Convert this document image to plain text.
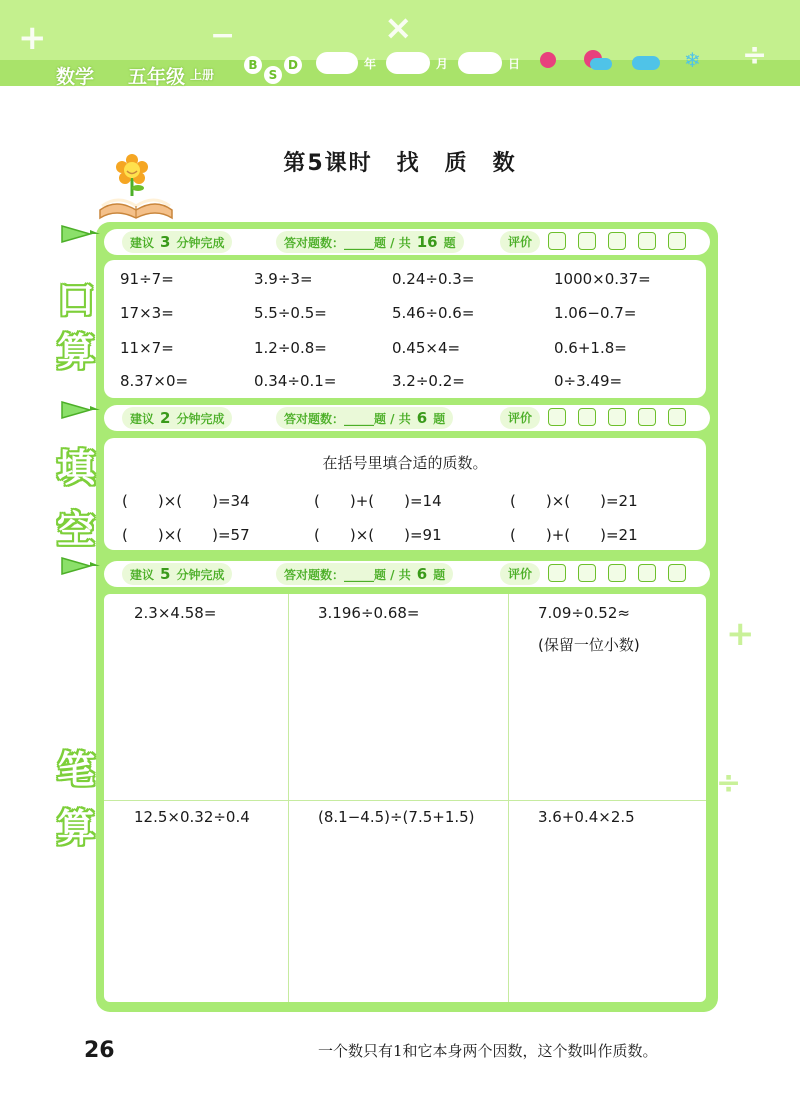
+	−	×
÷
数学 五年级 上册
B
S
D	年	月	日	❄
第5课时　找　质　数
建议 3 分钟完成	答对题数：_____题 / 共 16 题	评价
口
算
91÷7=	3.9÷3=	0.24÷0.3=	1000×0.37=
17×3=	5.5÷0.5=	5.46÷0.6=	1.06−0.7=
11×7=	1.2÷0.8=	0.45×4=	0.6+1.8=
8.37×0=	0.34÷0.1=	3.2÷0.2=	0÷3.49=
建议 2 分钟完成	答对题数：_____题 / 共 6 题	评价
填
空
在括号里填合适的质数。
(　　)×(　　)=34	(　　)+(　　)=14	(　　)×(　　)=21
(　　)×(　　)=57	(　　)×(　　)=91	(　　)+(　　)=21
建议 5 分钟完成	答对题数：_____题 / 共 6 题	评价
笔
算
2.3×4.58=	3.196÷0.68=	7.09÷0.52≈
(保留一位小数)
12.5×0.32÷0.4	(8.1−4.5)÷(7.5+1.5)	3.6+0.4×2.5
+
÷
26	一个数只有1和它本身两个因数，这个数叫作质数。
